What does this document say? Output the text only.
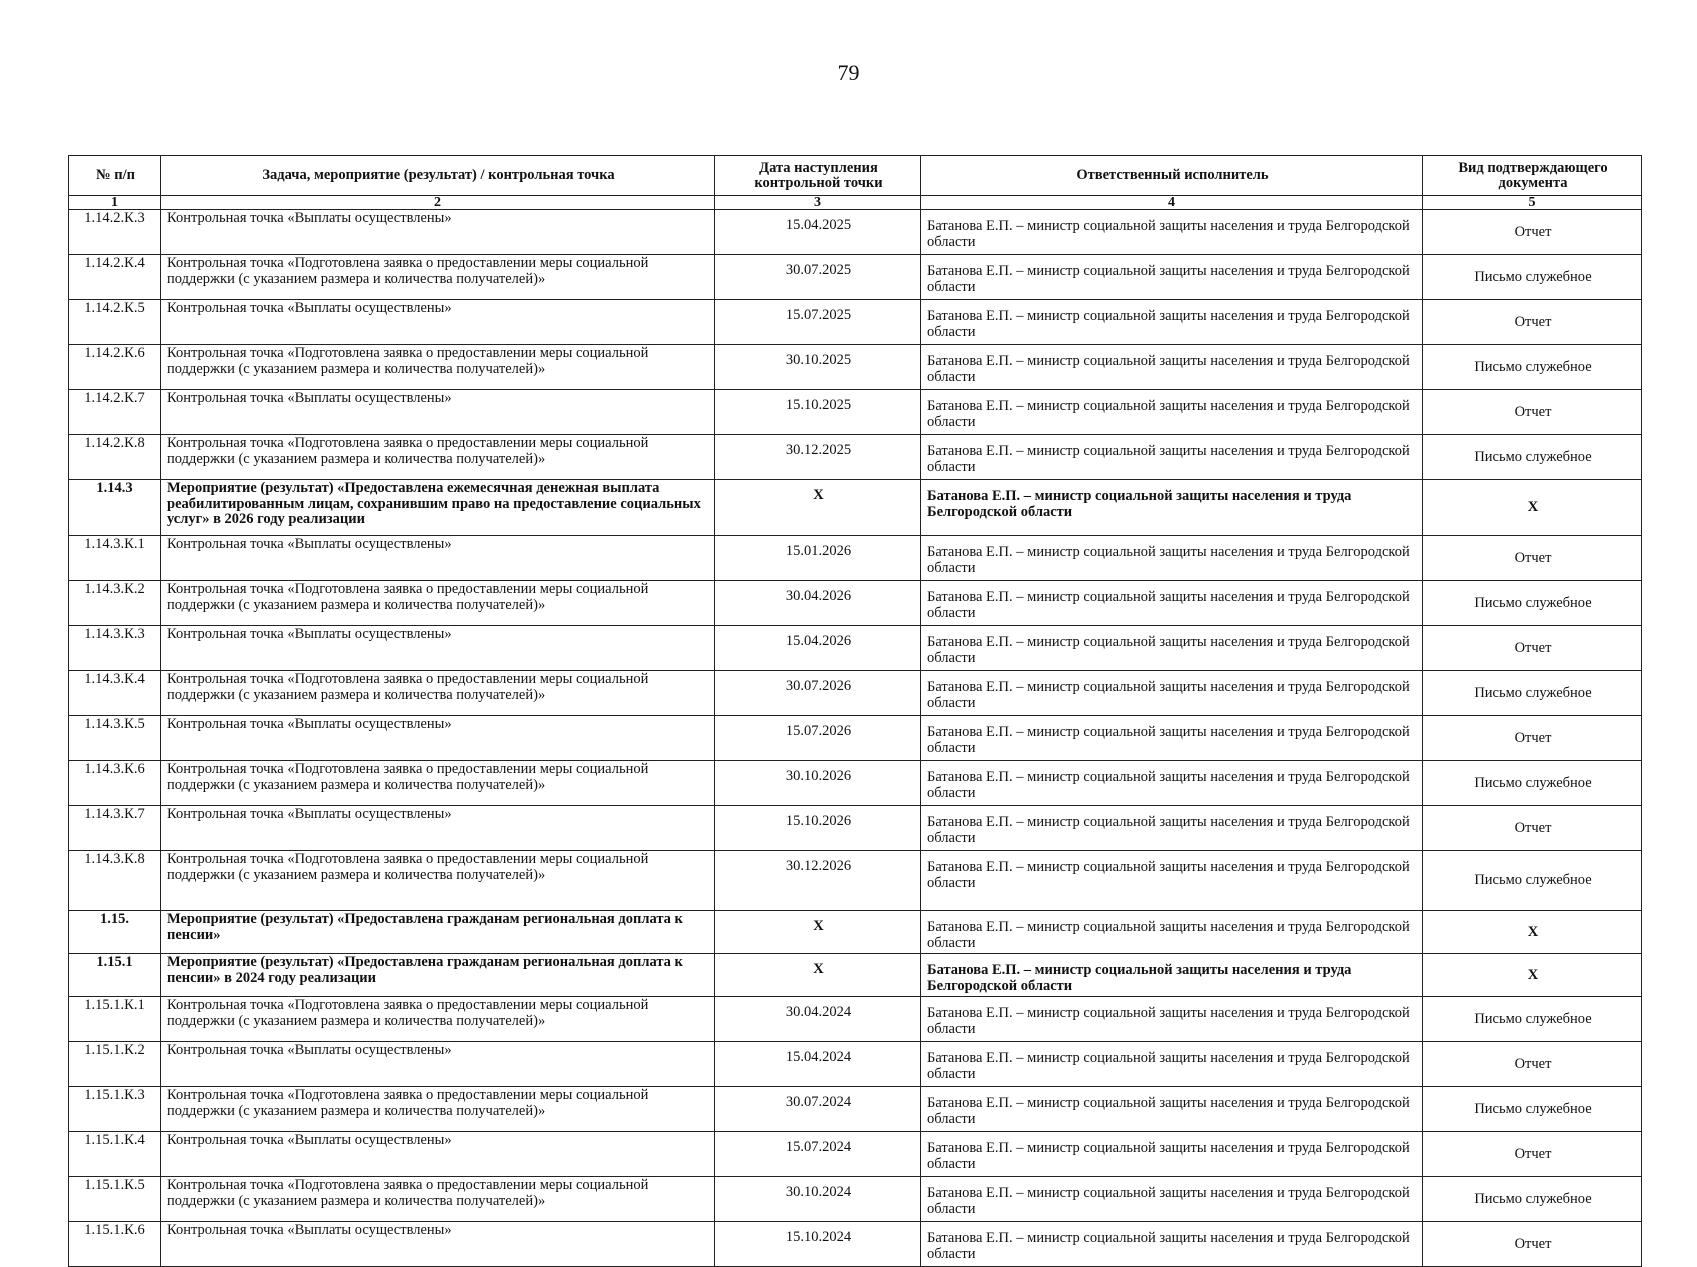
79
№ п/п	Задача, мероприятие (результат) / контрольная точка	Дата наступления контрольной точки	Ответственный исполнитель	Вид подтверждающего документа
1	2	3	4	5
1.14.2.К.3	Контрольная точка «Выплаты осуществлены»	15.04.2025	Батанова Е.П. – министр социальной защиты населения и труда Белгородской области	Отчет
1.14.2.К.4	Контрольная точка «Подготовлена заявка о предоставлении меры социальной поддержки (с указанием размера и количества получателей)»	30.07.2025	Батанова Е.П. – министр социальной защиты населения и труда Белгородской области	Письмо служебное
1.14.2.К.5	Контрольная точка «Выплаты осуществлены»	15.07.2025	Батанова Е.П. – министр социальной защиты населения и труда Белгородской области	Отчет
1.14.2.К.6	Контрольная точка «Подготовлена заявка о предоставлении меры социальной поддержки (с указанием размера и количества получателей)»	30.10.2025	Батанова Е.П. – министр социальной защиты населения и труда Белгородской области	Письмо служебное
1.14.2.К.7	Контрольная точка «Выплаты осуществлены»	15.10.2025	Батанова Е.П. – министр социальной защиты населения и труда Белгородской области	Отчет
1.14.2.К.8	Контрольная точка «Подготовлена заявка о предоставлении меры социальной поддержки (с указанием размера и количества получателей)»	30.12.2025	Батанова Е.П. – министр социальной защиты населения и труда Белгородской области	Письмо служебное
1.14.3	Мероприятие (результат) «Предоставлена ежемесячная денежная выплата реабилитированным лицам, сохранившим право на предоставление социальных услуг» в 2026 году реализации	Х	Батанова Е.П. – министр социальной защиты населения и труда Белгородской области	Х
1.14.3.К.1	Контрольная точка «Выплаты осуществлены»	15.01.2026	Батанова Е.П. – министр социальной защиты населения и труда Белгородской области	Отчет
1.14.3.К.2	Контрольная точка «Подготовлена заявка о предоставлении меры социальной поддержки (с указанием размера и количества получателей)»	30.04.2026	Батанова Е.П. – министр социальной защиты населения и труда Белгородской области	Письмо служебное
1.14.3.К.3	Контрольная точка «Выплаты осуществлены»	15.04.2026	Батанова Е.П. – министр социальной защиты населения и труда Белгородской области	Отчет
1.14.3.К.4	Контрольная точка «Подготовлена заявка о предоставлении меры социальной поддержки (с указанием размера и количества получателей)»	30.07.2026	Батанова Е.П. – министр социальной защиты населения и труда Белгородской области	Письмо служебное
1.14.3.К.5	Контрольная точка «Выплаты осуществлены»	15.07.2026	Батанова Е.П. – министр социальной защиты населения и труда Белгородской области	Отчет
1.14.3.К.6	Контрольная точка «Подготовлена заявка о предоставлении меры социальной поддержки (с указанием размера и количества получателей)»	30.10.2026	Батанова Е.П. – министр социальной защиты населения и труда Белгородской области	Письмо служебное
1.14.3.К.7	Контрольная точка «Выплаты осуществлены»	15.10.2026	Батанова Е.П. – министр социальной защиты населения и труда Белгородской области	Отчет
1.14.3.К.8	Контрольная точка «Подготовлена заявка о предоставлении меры социальной поддержки (с указанием размера и количества получателей)»	30.12.2026	Батанова Е.П. – министр социальной защиты населения и труда Белгородской области	Письмо служебное
1.15.	Мероприятие (результат) «Предоставлена гражданам региональная доплата к пенсии»	Х	Батанова Е.П. – министр социальной защиты населения и труда Белгородской области	Х
1.15.1	Мероприятие (результат) «Предоставлена гражданам региональная доплата к пенсии» в 2024 году реализации	Х	Батанова Е.П. – министр социальной защиты населения и труда Белгородской области	Х
1.15.1.К.1	Контрольная точка «Подготовлена заявка о предоставлении меры социальной поддержки (с указанием размера и количества получателей)»	30.04.2024	Батанова Е.П. – министр социальной защиты населения и труда Белгородской области	Письмо служебное
1.15.1.К.2	Контрольная точка «Выплаты осуществлены»	15.04.2024	Батанова Е.П. – министр социальной защиты населения и труда Белгородской области	Отчет
1.15.1.К.3	Контрольная точка «Подготовлена заявка о предоставлении меры социальной поддержки (с указанием размера и количества получателей)»	30.07.2024	Батанова Е.П. – министр социальной защиты населения и труда Белгородской области	Письмо служебное
1.15.1.К.4	Контрольная точка «Выплаты осуществлены»	15.07.2024	Батанова Е.П. – министр социальной защиты населения и труда Белгородской области	Отчет
1.15.1.К.5	Контрольная точка «Подготовлена заявка о предоставлении меры социальной поддержки (с указанием размера и количества получателей)»	30.10.2024	Батанова Е.П. – министр социальной защиты населения и труда Белгородской области	Письмо служебное
1.15.1.К.6	Контрольная точка «Выплаты осуществлены»	15.10.2024	Батанова Е.П. – министр социальной защиты населения и труда Белгородской области	Отчет
